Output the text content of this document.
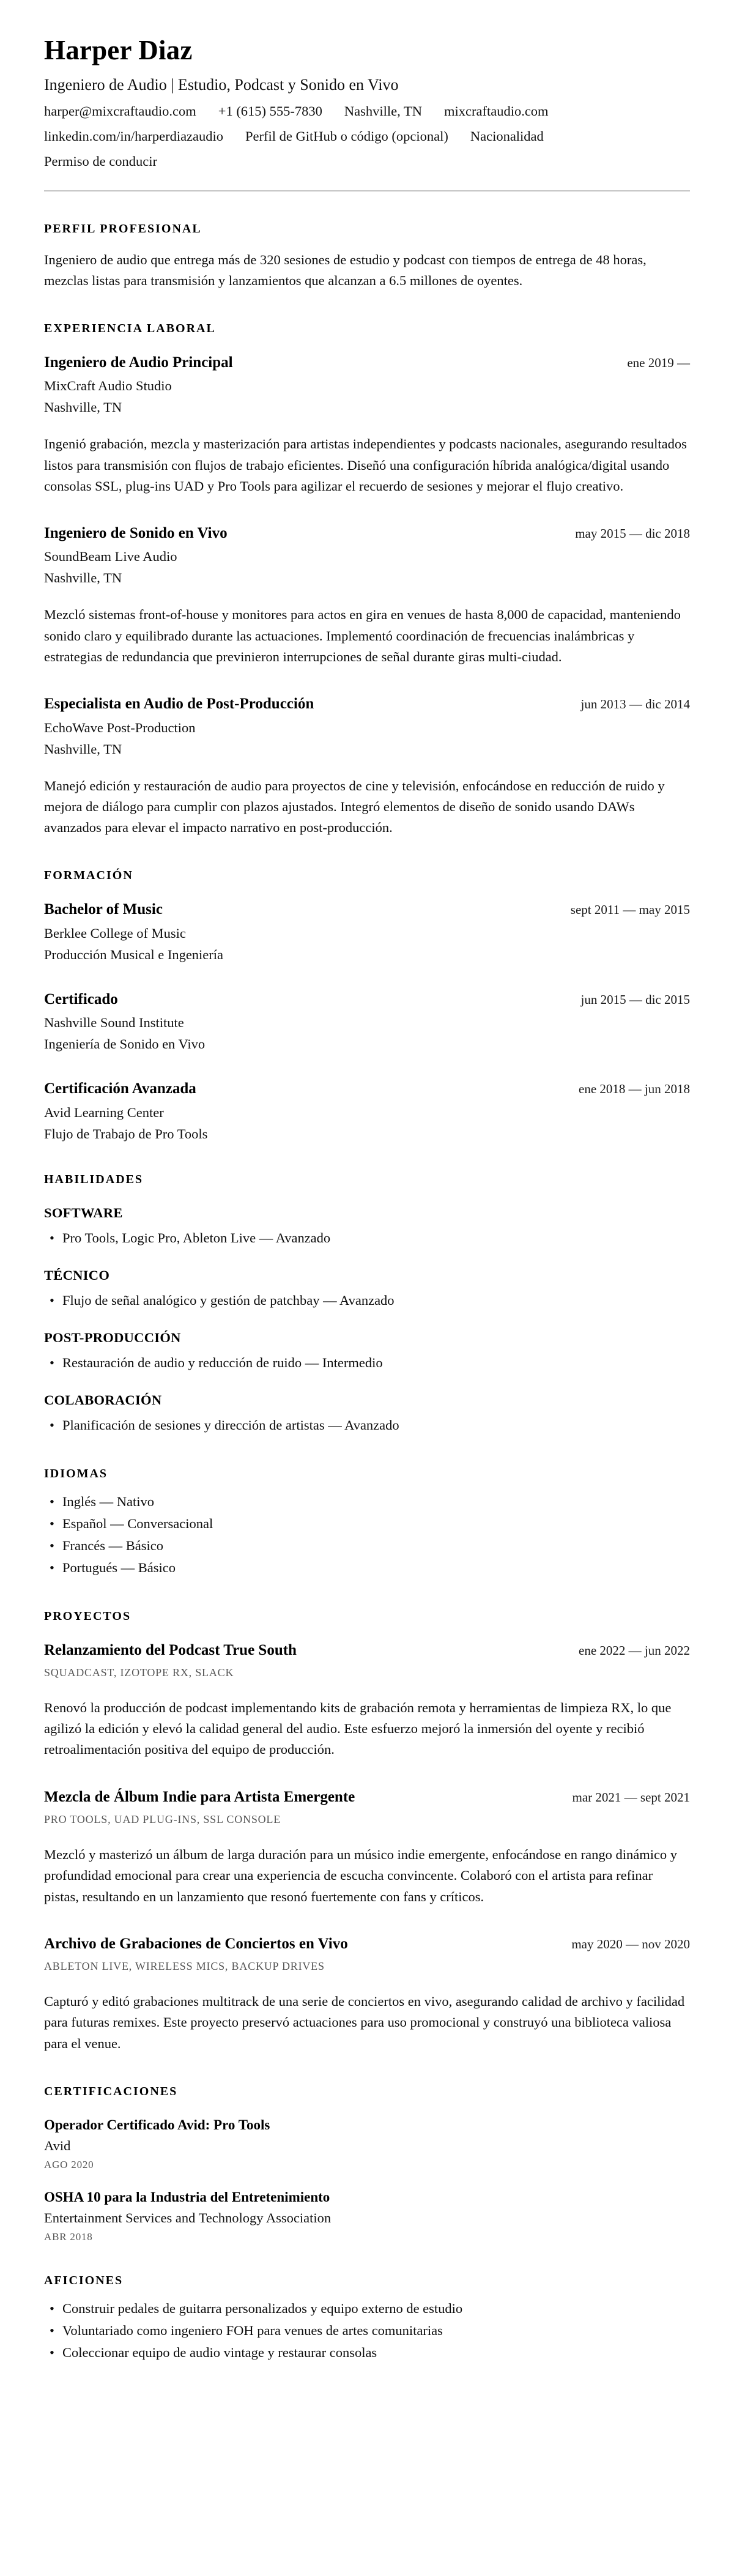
Harper Diaz
Ingeniero de Audio | Estudio, Podcast y Sonido en Vivo
harper@mixcraftaudio.com +1 (615) 555-7830 Nashville, TN mixcraftaudio.com
linkedin.com/in/harperdiazaudio Perfil de GitHub o código (opcional) Nacionalidad
Permiso de conducir
PERFIL PROFESIONAL

Ingeniero de audio que entrega más de 320 sesiones de estudio y podcast con tiempos de entrega de 48 horas, mezclas listas para transmisión y lanzamientos que alcanzan a 6.5 millones de oyentes.

EXPERIENCIA LABORAL
Ingeniero de Audio Principal	ene 2019 —
MixCraft Audio Studio
Nashville, TN

Ingenió grabación, mezcla y masterización para artistas independientes y podcasts nacionales, asegurando resultados listos para transmisión con flujos de trabajo eficientes. Diseñó una configuración híbrida analógica/digital usando consolas SSL, plug-ins UAD y Pro Tools para agilizar el recuerdo de sesiones y mejorar el flujo creativo.

Ingeniero de Sonido en Vivo	may 2015 — dic 2018
SoundBeam Live Audio
Nashville, TN

Mezcló sistemas front-of-house y monitores para actos en gira en venues de hasta 8,000 de capacidad, manteniendo sonido claro y equilibrado durante las actuaciones. Implementó coordinación de frecuencias inalámbricas y estrategias de redundancia que previnieron interrupciones de señal durante giras multi-ciudad.

Especialista en Audio de Post-Producción	jun 2013 — dic 2014
EchoWave Post-Production
Nashville, TN

Manejó edición y restauración de audio para proyectos de cine y televisión, enfocándose en reducción de ruido y mejora de diálogo para cumplir con plazos ajustados. Integró elementos de diseño de sonido usando DAWs avanzados para elevar el impacto narrativo en post-producción.

FORMACIÓN
Bachelor of Music	sept 2011 — may 2015
Berklee College of Music
Producción Musical e Ingeniería
Certificado	jun 2015 — dic 2015
Nashville Sound Institute
Ingeniería de Sonido en Vivo
Certificación Avanzada	ene 2018 — jun 2018
Avid Learning Center
Flujo de Trabajo de Pro Tools
HABILIDADES
SOFTWARE
• Pro Tools, Logic Pro, Ableton Live — Avanzado
TÉCNICO
• Flujo de señal analógico y gestión de patchbay — Avanzado
POST-PRODUCCIÓN
• Restauración de audio y reducción de ruido — Intermedio
COLABORACIÓN
• Planificación de sesiones y dirección de artistas — Avanzado
IDIOMAS
• Inglés — Nativo
• Español — Conversacional
• Francés — Básico
• Portugués — Básico
PROYECTOS
Relanzamiento del Podcast True South	ene 2022 — jun 2022
SQUADCAST, IZOTOPE RX, SLACK

Renovó la producción de podcast implementando kits de grabación remota y herramientas de limpieza RX, lo que agilizó la edición y elevó la calidad general del audio. Este esfuerzo mejoró la inmersión del oyente y recibió retroalimentación positiva del equipo de producción.

Mezcla de Álbum Indie para Artista Emergente	mar 2021 — sept 2021
PRO TOOLS, UAD PLUG-INS, SSL CONSOLE

Mezcló y masterizó un álbum de larga duración para un músico indie emergente, enfocándose en rango dinámico y profundidad emocional para crear una experiencia de escucha convincente. Colaboró con el artista para refinar pistas, resultando en un lanzamiento que resonó fuertemente con fans y críticos.

Archivo de Grabaciones de Conciertos en Vivo	may 2020 — nov 2020
ABLETON LIVE, WIRELESS MICS, BACKUP DRIVES

Capturó y editó grabaciones multitrack de una serie de conciertos en vivo, asegurando calidad de archivo y facilidad para futuras remixes. Este proyecto preservó actuaciones para uso promocional y construyó una biblioteca valiosa para el venue.

CERTIFICACIONES
Operador Certificado Avid: Pro Tools
Avid
AGO 2020
OSHA 10 para la Industria del Entretenimiento
Entertainment Services and Technology Association
ABR 2018
AFICIONES
• Construir pedales de guitarra personalizados y equipo externo de estudio
• Voluntariado como ingeniero FOH para venues de artes comunitarias
• Coleccionar equipo de audio vintage y restaurar consolas
